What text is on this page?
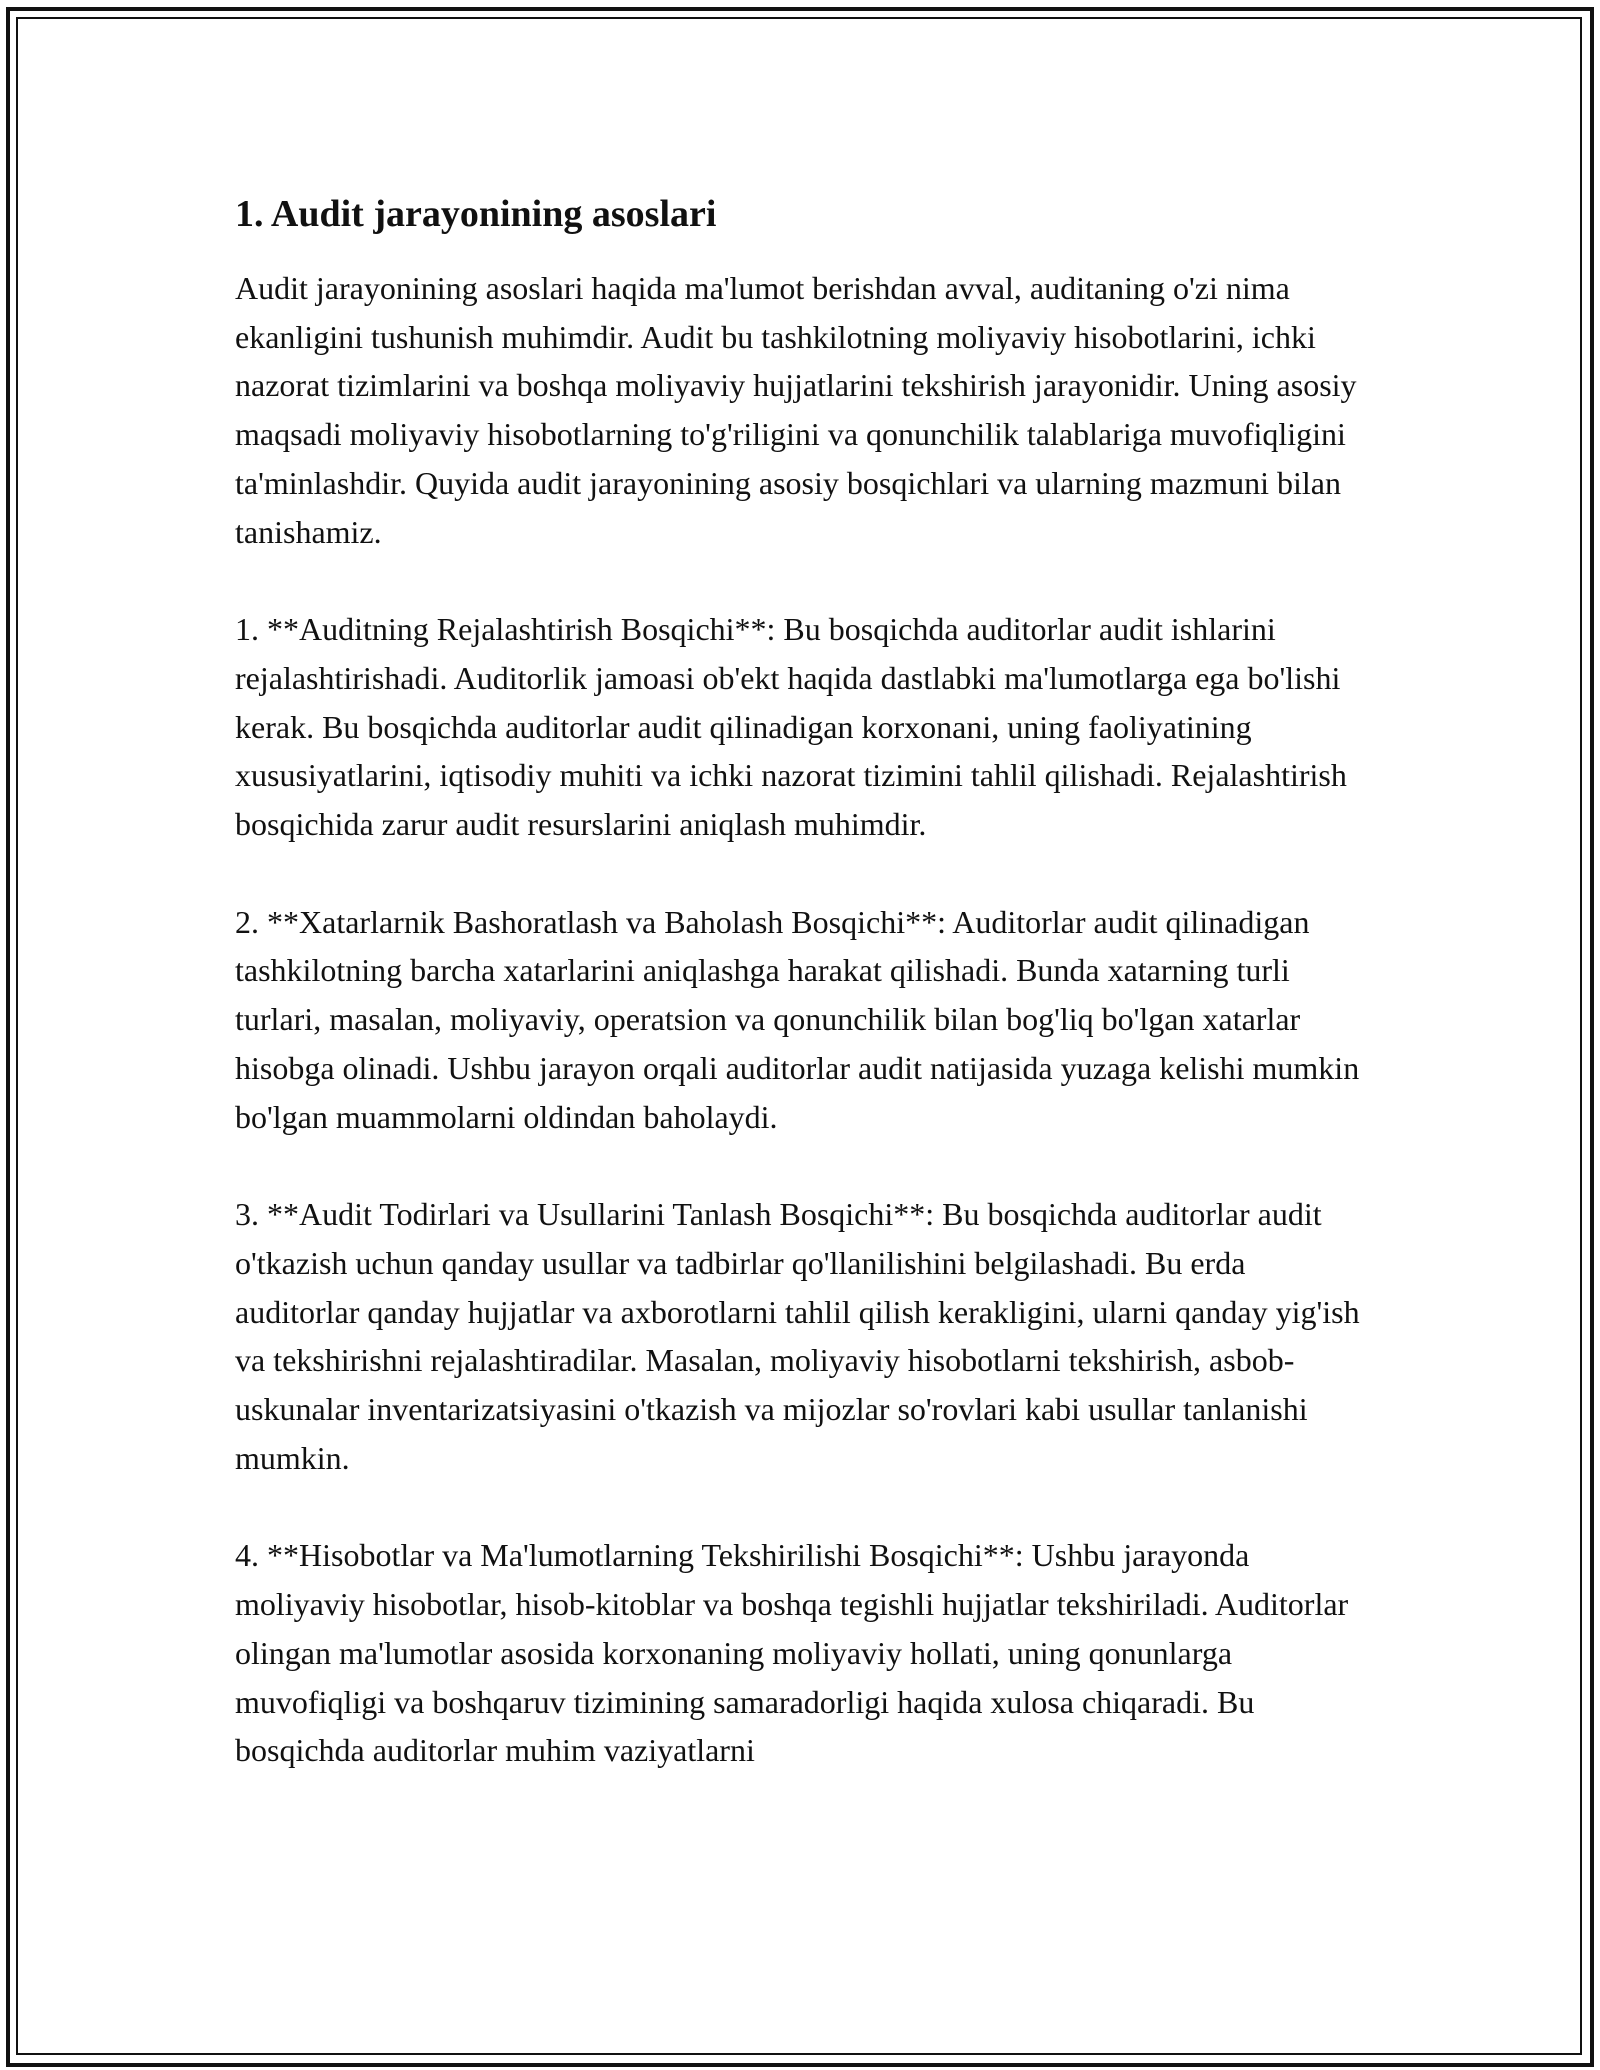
1. Audit jarayonining asoslari

Audit jarayonining asoslari haqida ma'lumot berishdan avval, auditaning o'zi nima ekanligini tushunish muhimdir. Audit bu tashkilotning moliyaviy hisobotlarini, ichki nazorat tizimlarini va boshqa moliyaviy hujjatlarini tekshirish jarayonidir. Uning asosiy maqsadi moliyaviy hisobotlarning to'g'riligini va qonunchilik talablariga muvofiqligini ta'minlashdir. Quyida audit jarayonining asosiy bosqichlari va ularning mazmuni bilan tanishamiz.

1. **Auditning Rejalashtirish Bosqichi**: Bu bosqichda auditorlar audit ishlarini rejalashtirishadi. Auditorlik jamoasi ob'ekt haqida dastlabki ma'lumotlarga ega bo'lishi kerak. Bu bosqichda auditorlar audit qilinadigan korxonani, uning faoliyatining xususiyatlarini, iqtisodiy muhiti va ichki nazorat tizimini tahlil qilishadi. Rejalashtirish bosqichida zarur audit resurslarini aniqlash muhimdir.

2. **Xatarlarnik Bashoratlash va Baholash Bosqichi**: Auditorlar audit qilinadigan tashkilotning barcha xatarlarini aniqlashga harakat qilishadi. Bunda xatarning turli turlari, masalan, moliyaviy, operatsion va qonunchilik bilan bog'liq bo'lgan xatarlar hisobga olinadi. Ushbu jarayon orqali auditorlar audit natijasida yuzaga kelishi mumkin bo'lgan muammolarni oldindan baholaydi.

3. **Audit Todirlari va Usullarini Tanlash Bosqichi**: Bu bosqichda auditorlar audit o'tkazish uchun qanday usullar va tadbirlar qo'llanilishini belgilashadi. Bu erda auditorlar qanday hujjatlar va axborotlarni tahlil qilish kerakligini, ularni qanday yig'ish va tekshirishni rejalashtiradilar. Masalan, moliyaviy hisobotlarni tekshirish, asbob-uskunalar inventarizatsiyasini o'tkazish va mijozlar so'rovlari kabi usullar tanlanishi mumkin.

4. **Hisobotlar va Ma'lumotlarning Tekshirilishi Bosqichi**: Ushbu jarayonda moliyaviy hisobotlar, hisob-kitoblar va boshqa tegishli hujjatlar tekshiriladi. Auditorlar olingan ma'lumotlar asosida korxonaning moliyaviy hollati, uning qonunlarga muvofiqligi va boshqaruv tizimining samaradorligi haqida xulosa chiqaradi. Bu bosqichda auditorlar muhim vaziyatlarni
